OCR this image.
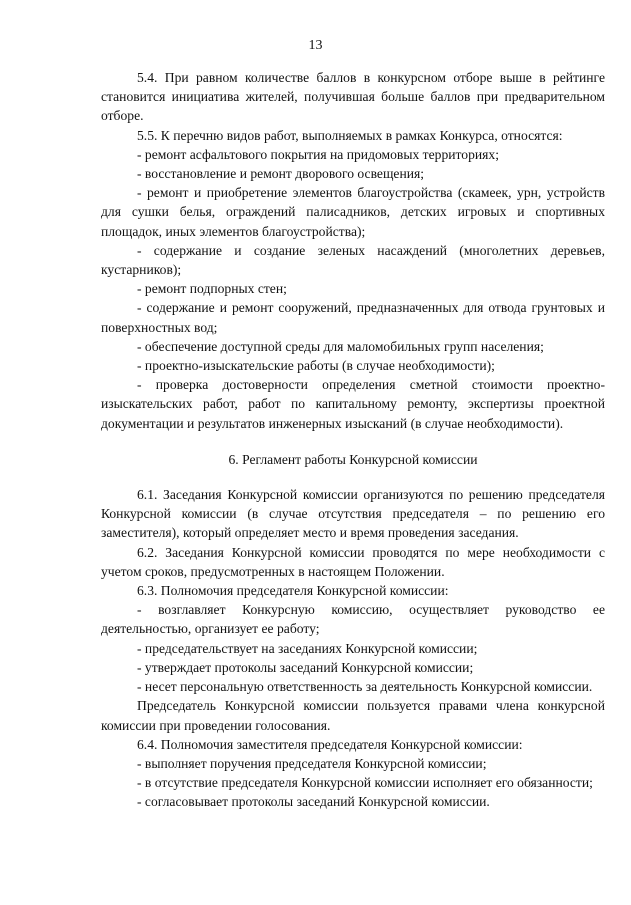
13

5.4. При равном количестве баллов в конкурсном отборе выше в рейтинге становится инициатива жителей, получившая больше баллов при предварительном отборе.

5.5. К перечню видов работ, выполняемых в рамках Конкурса, относятся:

- ремонт асфальтового покрытия на придомовых территориях;

- восстановление и ремонт дворового освещения;

- ремонт и приобретение элементов благоустройства (скамеек, урн, устройств для сушки белья, ограждений палисадников, детских игровых и спортивных площадок, иных элементов благоустройства);

- содержание и создание зеленых насаждений (многолетних деревьев, кустарников);

- ремонт подпорных стен;

- содержание и ремонт сооружений, предназначенных для отвода грунтовых и поверхностных вод;

- обеспечение доступной среды для маломобильных групп населения;

- проектно-изыскательские работы (в случае необходимости);

- проверка достоверности определения сметной стоимости проектно-изыскательских работ, работ по капитальному ремонту, экспертизы проектной документации и результатов инженерных изысканий (в случае необходимости).

6. Регламент работы Конкурсной комиссии

6.1. Заседания Конкурсной комиссии организуются по решению председателя Конкурсной комиссии (в случае отсутствия председателя – по решению его заместителя), который определяет место и время проведения заседания.

6.2. Заседания Конкурсной комиссии проводятся по мере необходимости с учетом сроков, предусмотренных в настоящем Положении.

6.3. Полномочия председателя Конкурсной комиссии:

- возглавляет Конкурсную комиссию, осуществляет руководство ее деятельностью, организует ее работу;

- председательствует на заседаниях Конкурсной комиссии;

- утверждает протоколы заседаний Конкурсной комиссии;

- несет персональную ответственность за деятельность Конкурсной комиссии.

Председатель Конкурсной комиссии пользуется правами члена конкурсной комиссии при проведении голосования.

6.4. Полномочия заместителя председателя Конкурсной комиссии:

- выполняет поручения председателя Конкурсной комиссии;

- в отсутствие председателя Конкурсной комиссии исполняет его обязанности;

- согласовывает протоколы заседаний Конкурсной комиссии.
